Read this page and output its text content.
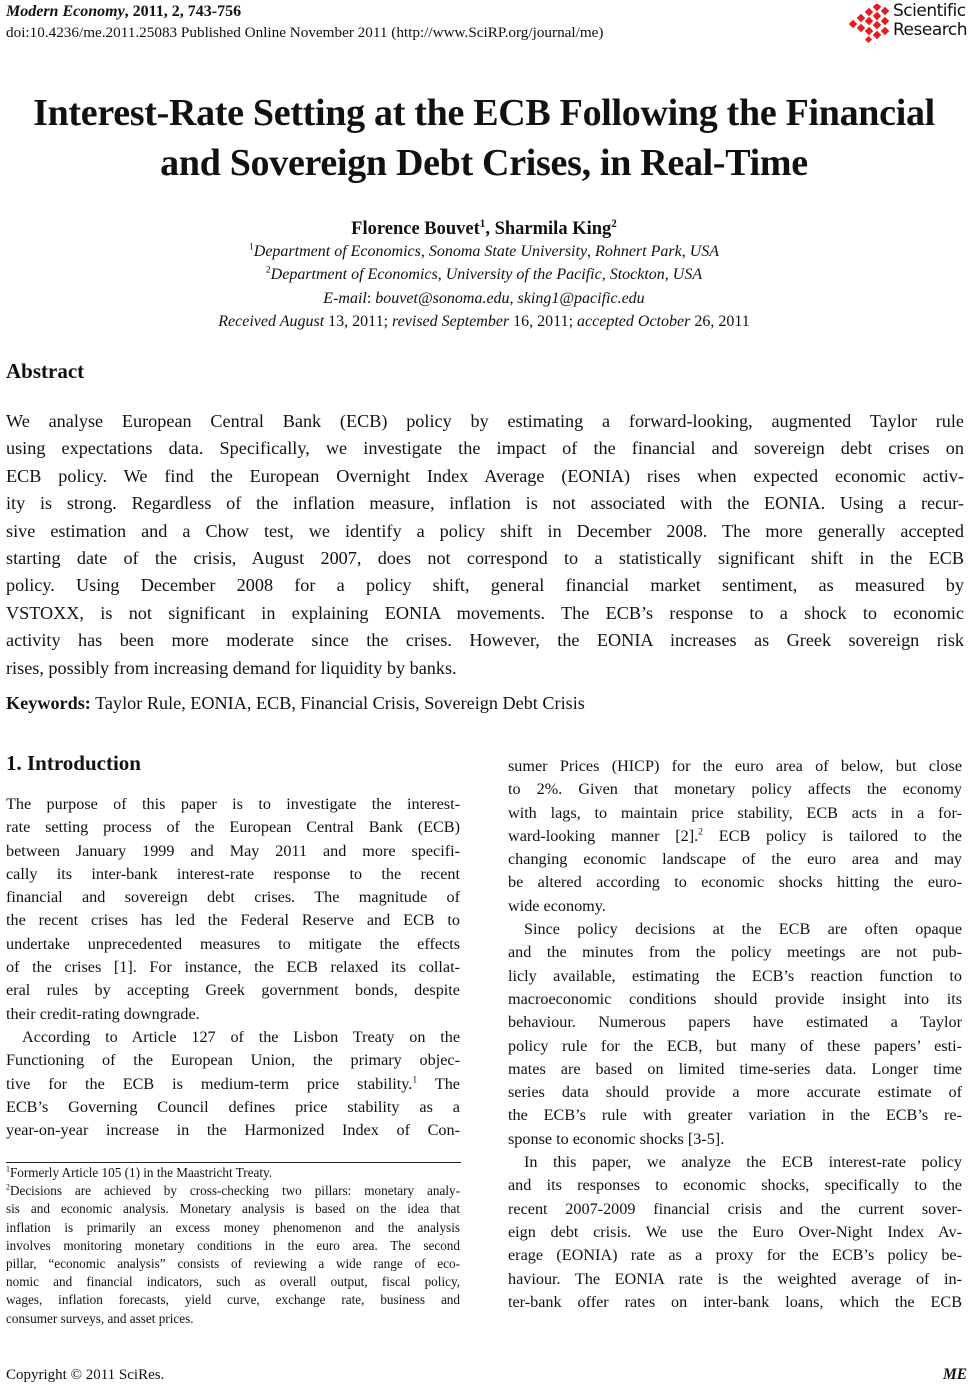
Modern Economy, 2011, 2, 743-756
doi:10.4236/me.2011.25083 Published Online November 2011 (http://www.SciRP.org/journal/me)
Scientific
Research
Interest-Rate Setting at the ECB Following the Financial
and Sovereign Debt Crises, in Real-Time
Florence Bouvet$^1$, Sharmila King$^2$
$^1$Department of Economics, Sonoma State University, Rohnert Park, USA
$^2$Department of Economics, University of the Pacific, Stockton, USA
E-mail: bouvet@sonoma.edu, sking1@pacific.edu
Received August 13, 2011; revised September 16, 2011; accepted October 26, 2011
Abstract
We analyse European Central Bank (ECB) policy by estimating a forward-looking, augmented Taylor rule
using expectations data. Specifically, we investigate the impact of the financial and sovereign debt crises on
ECB policy. We find the European Overnight Index Average (EONIA) rises when expected economic activ-
ity is strong. Regardless of the inflation measure, inflation is not associated with the EONIA. Using a recur-
sive estimation and a Chow test, we identify a policy shift in December 2008. The more generally accepted
starting date of the crisis, August 2007, does not correspond to a statistically significant shift in the ECB
policy. Using December 2008 for a policy shift, general financial market sentiment, as measured by
VSTOXX, is not significant in explaining EONIA movements. The ECB’s response to a shock to economic
activity has been more moderate since the crises. However, the EONIA increases as Greek sovereign risk
rises, possibly from increasing demand for liquidity by banks.
Keywords: Taylor Rule, EONIA, ECB, Financial Crisis, Sovereign Debt Crisis
1. Introduction
The purpose of this paper is to investigate the interest-
rate setting process of the European Central Bank (ECB)
between January 1999 and May 2011 and more specifi-
cally its inter-bank interest-rate response to the recent
financial and sovereign debt crises. The magnitude of
the recent crises has led the Federal Reserve and ECB to
undertake unprecedented measures to mitigate the effects
of the crises [1]. For instance, the ECB relaxed its collat-
eral rules by accepting Greek government bonds, despite
their credit-rating downgrade.
According to Article 127 of the Lisbon Treaty on the
Functioning of the European Union, the primary objec-
tive for the ECB is medium-term price stability.$^1$ The
ECB’s Governing Council defines price stability as a
year-on-year increase in the Harmonized Index of Con-

$^1$Formerly Article 105 (1) in the Maastricht Treaty.

$^2$Decisions are achieved by cross-checking two pillars: monetary analy-
sis and economic analysis. Monetary analysis is based on the idea that
inflation is primarily an excess money phenomenon and the analysis
involves monitoring monetary conditions in the euro area. The second
pillar, “economic analysis” consists of reviewing a wide range of eco-
nomic and financial indicators, such as overall output, fiscal policy,
wages, inflation forecasts, yield curve, exchange rate, business and
consumer surveys, and asset prices.

sumer Prices (HICP) for the euro area of below, but close
to 2%. Given that monetary policy affects the economy
with lags, to maintain price stability, ECB acts in a for-
ward-looking manner [2].$^2$ ECB policy is tailored to the
changing economic landscape of the euro area and may
be altered according to economic shocks hitting the euro-
wide economy.
Since policy decisions at the ECB are often opaque
and the minutes from the policy meetings are not pub-
licly available, estimating the ECB’s reaction function to
macroeconomic conditions should provide insight into its
behaviour. Numerous papers have estimated a Taylor
policy rule for the ECB, but many of these papers’ esti-
mates are based on limited time-series data. Longer time
series data should provide a more accurate estimate of
the ECB’s rule with greater variation in the ECB’s re-
sponse to economic shocks [3-5].
In this paper, we analyze the ECB interest-rate policy
and its responses to economic shocks, specifically to the
recent 2007-2009 financial crisis and the current sover-
eign debt crisis. We use the Euro Over-Night Index Av-
erage (EONIA) rate as a proxy for the ECB’s policy be-
haviour. The EONIA rate is the weighted average of in-
ter-bank offer rates on inter-bank loans, which the ECB
Copyright © 2011 SciRes.	ME
